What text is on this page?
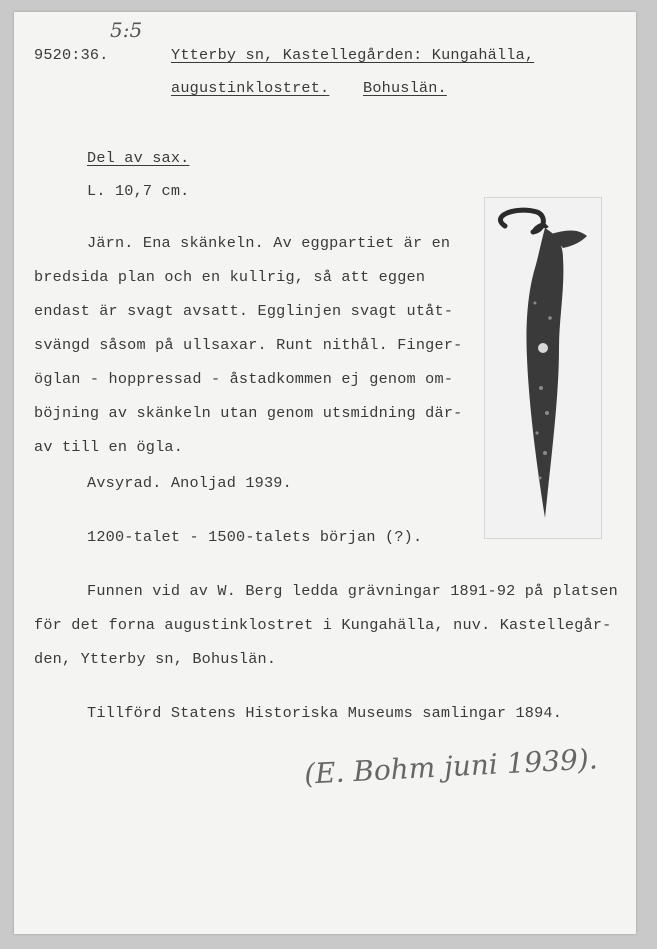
5:5
9520:36.	Ytterby sn, Kastellegården: Kungahälla,
augustinklostret. Bohuslän.
Del av sax.
L. 10,7 cm.
Järn. Ena skänkeln. Av eggpartiet är en
bredsida plan och en kullrig, så att eggen
endast är svagt avsatt. Egglinjen svagt utåt-
svängd såsom på ullsaxar. Runt nithål. Finger-
öglan - hoppressad - åstadkommen ej genom om-
böjning av skänkeln utan genom utsmidning där-
av till en ögla.
Avsyrad. Anoljad 1939.
1200-talet - 1500-talets början (?).
Funnen vid av W. Berg ledda grävningar 1891-92 på platsen
för det forna augustinklostret i Kungahälla, nuv. Kastellegår-
den, Ytterby sn, Bohuslän.
Tillförd Statens Historiska Museums samlingar 1894.
(E. Bohm juni 1939).
